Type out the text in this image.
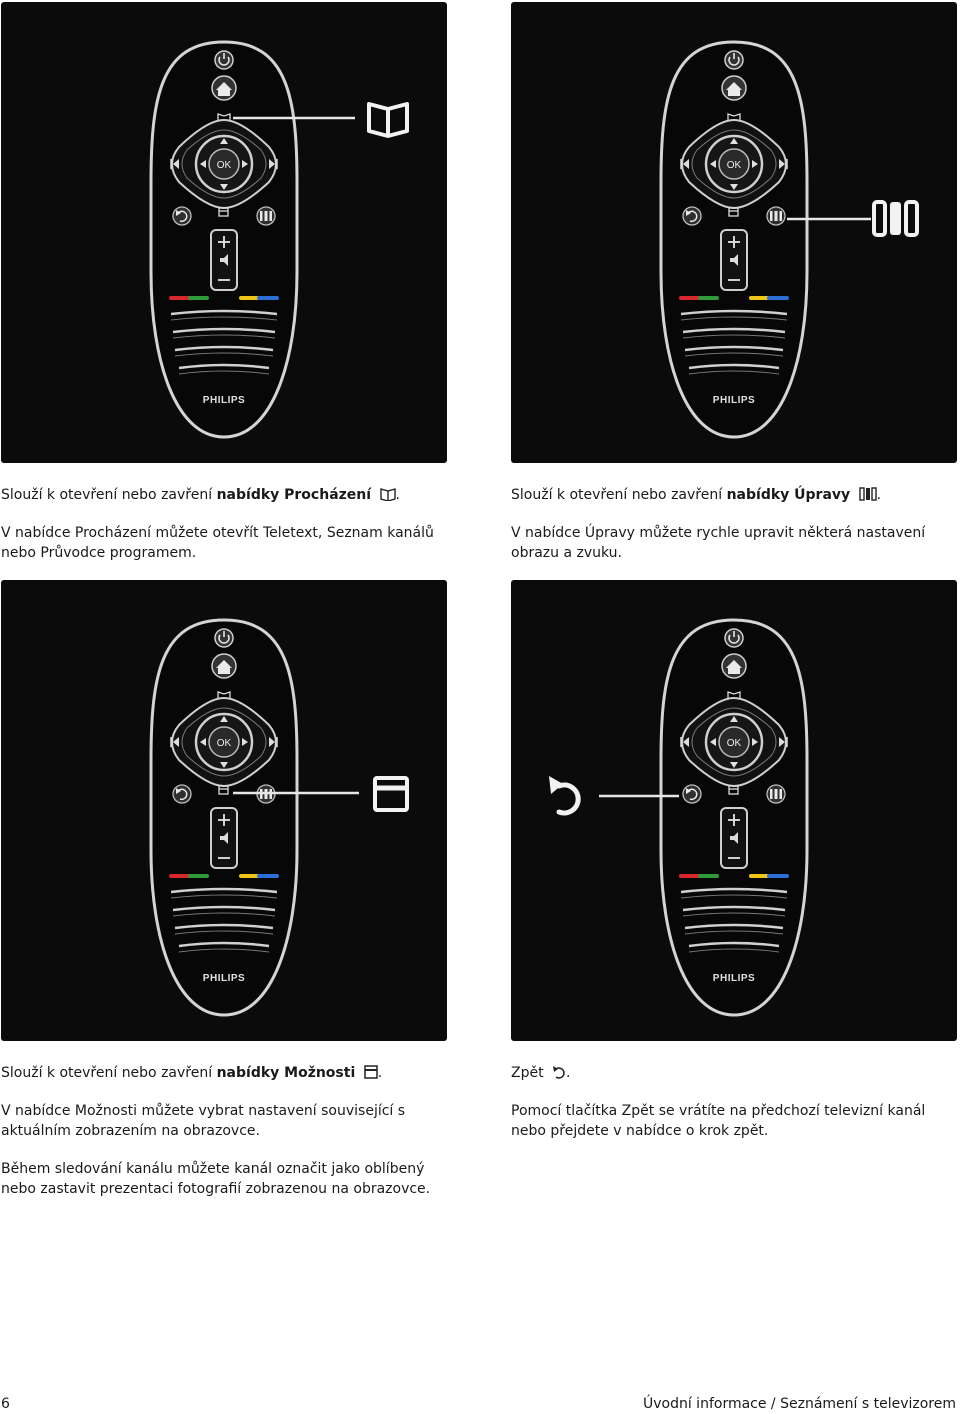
Slouží k otevření nebo zavření nabídky Procházení .

V nabídce Procházení můžete otevřít Teletext, Seznam kanálů nebo Průvodce programem.

Slouží k otevření nebo zavření nabídky Úpravy .

V nabídce Úpravy můžete rychle upravit některá nastavení obrazu a zvuku.

Slouží k otevření nebo zavření nabídky Možnosti .

V nabídce Možnosti můžete vybrat nastavení související s aktuálním zobrazením na obrazovce.

Během sledování kanálu můžete kanál označit jako oblíbený nebo zastavit prezentaci fotografií zobrazenou na obrazovce.

Zpět .

Pomocí tlačítka Zpět se vrátíte na předchozí televizní kanál nebo přejdete v nabídce o krok zpět.

6	Úvodní informace / Seznámení s televizorem
